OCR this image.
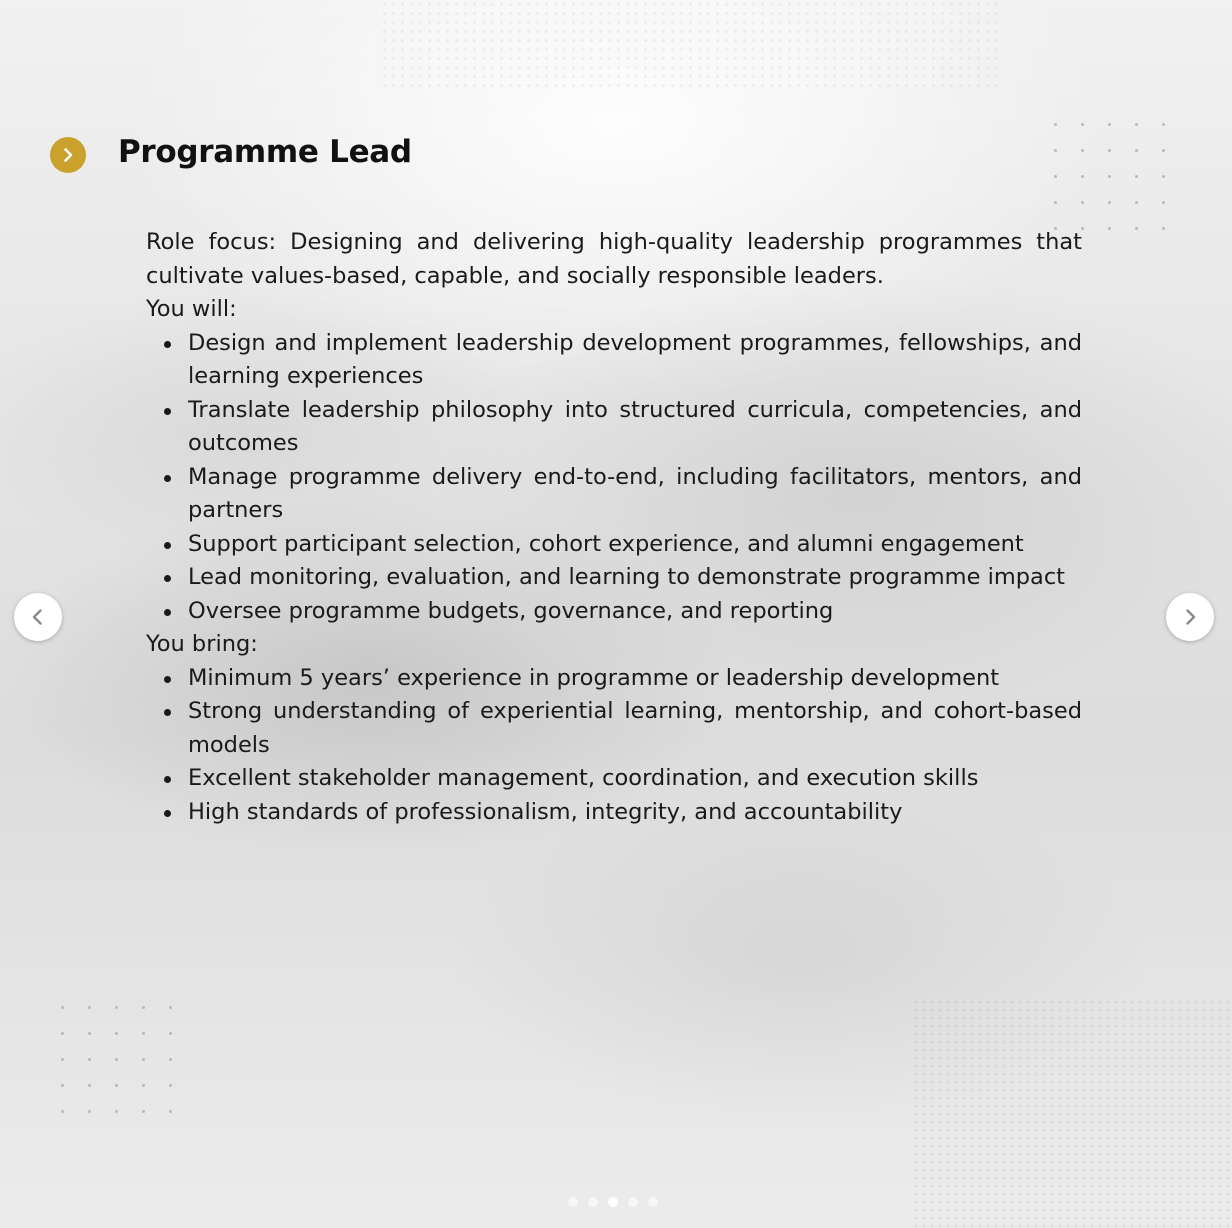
Programme Lead

Role focus: Designing and delivering high-quality leadership programmes that cultivate values-based, capable, and socially responsible leaders.

You will:

Design and implement leadership development programmes, fellowships, and learning experiences
Translate leadership philosophy into structured curricula, competencies, and outcomes
Manage programme delivery end-to-end, including facilitators, mentors, and partners
Support participant selection, cohort experience, and alumni engagement
Lead monitoring, evaluation, and learning to demonstrate programme impact
Oversee programme budgets, governance, and reporting

You bring:

Minimum 5 years’ experience in programme or leadership development
Strong understanding of experiential learning, mentorship, and cohort-based models
Excellent stakeholder management, coordination, and execution skills
High standards of professionalism, integrity, and accountability
